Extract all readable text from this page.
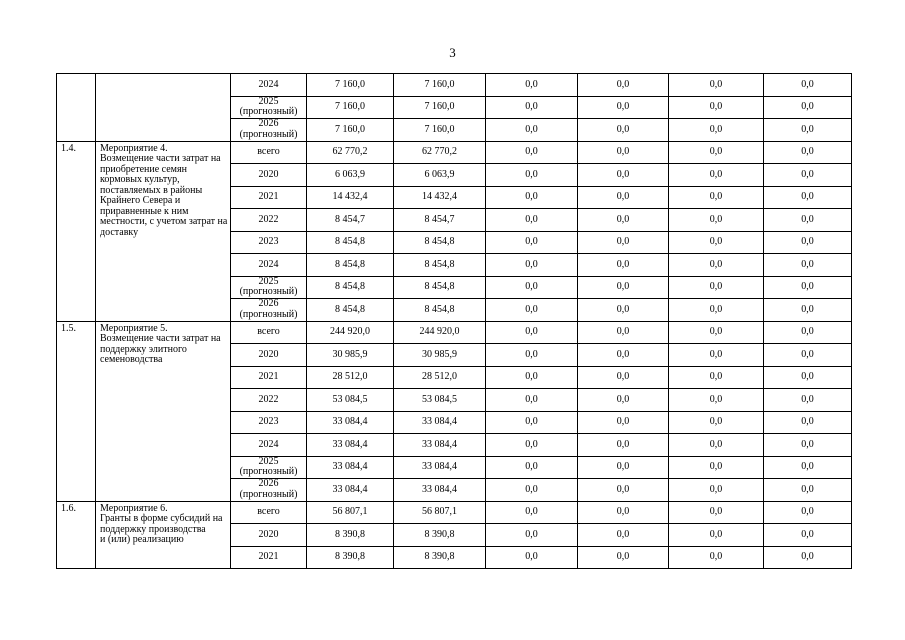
3

		2024	7 160,0	7 160,0	0,0	0,0	0,0	0,0

		2025
(прогнозный)	7 160,0	7 160,0	0,0	0,0	0,0	0,0

		2026
(прогнозный)	7 160,0	7 160,0	0,0	0,0	0,0	0,0
1.4.	Мероприятие 4.
Возмещение части затрат на приобретение семян кормовых культур, поставляемых в районы Крайнего Севера и приравненные к ним местности, с учетом затрат на доставку	всего	62 770,2	62 770,2	0,0	0,0	0,0	0,0

		2020	6 063,9	6 063,9	0,0	0,0	0,0	0,0

		2021	14 432,4	14 432,4	0,0	0,0	0,0	0,0

		2022	8 454,7	8 454,7	0,0	0,0	0,0	0,0

		2023	8 454,8	8 454,8	0,0	0,0	0,0	0,0

		2024	8 454,8	8 454,8	0,0	0,0	0,0	0,0

		2025
(прогнозный)	8 454,8	8 454,8	0,0	0,0	0,0	0,0

		2026
(прогнозный)	8 454,8	8 454,8	0,0	0,0	0,0	0,0
1.5.	Мероприятие 5.
Возмещение части затрат на поддержку элитного семеноводства	всего	244 920,0	244 920,0	0,0	0,0	0,0	0,0

		2020	30 985,9	30 985,9	0,0	0,0	0,0	0,0

		2021	28 512,0	28 512,0	0,0	0,0	0,0	0,0

		2022	53 084,5	53 084,5	0,0	0,0	0,0	0,0

		2023	33 084,4	33 084,4	0,0	0,0	0,0	0,0

		2024	33 084,4	33 084,4	0,0	0,0	0,0	0,0

		2025
(прогнозный)	33 084,4	33 084,4	0,0	0,0	0,0	0,0

		2026
(прогнозный)	33 084,4	33 084,4	0,0	0,0	0,0	0,0
1.6.	Мероприятие 6.
Гранты в форме субсидий на поддержку производства
и (или) реализацию	всего	56 807,1	56 807,1	0,0	0,0	0,0	0,0

		2020	8 390,8	8 390,8	0,0	0,0	0,0	0,0

		2021	8 390,8	8 390,8	0,0	0,0	0,0	0,0
